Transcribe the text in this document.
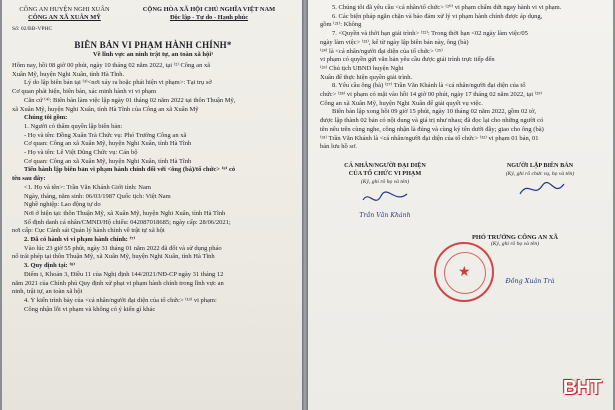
CÔNG AN HUYỆN NGHI XUÂN
CÔNG AN XÃ XUÂN MỸ
CỘNG HÒA XÃ HỘI CHỦ NGHĨA VIỆT NAM
Độc lập - Tự do - Hạnh phúc
Số: 02/BB-VPHC
BIÊN BẢN VI PHẠM HÀNH CHÍNH*
Về lĩnh vực an ninh trật tự, an toàn xã hội¹
Hôm nay, hồi 08 giờ 00 phút, ngày 10 tháng 02 năm 2022, tại ⁽²⁾ Công an xã
Xuân Mỹ, huyện Nghi Xuân, tỉnh Hà Tĩnh.
Lý do lập biên bản tại ⁽³⁾<nơi xảy ra hoặc phát hiện vi phạm>: Tại trụ sở
Cơ quan phát hiện, biên bản, xác minh hành vi vi phạm
Căn cứ ⁽⁴⁾: Biên bản làm việc lập ngày 01 tháng 02 năm 2022 tại thôn Thuận Mỹ,
xã Xuân Mỹ, huyện Nghi Xuân, tỉnh Hà Tĩnh của Công an xã Xuân Mỹ
Chúng tôi gồm:
1. Người có thẩm quyền lập biên bản:
- Họ và tên: Đồng Xuân Trà Chức vụ: Phó Trưởng Công an xã
Cơ quan: Công an xã Xuân Mỹ, huyện Nghi Xuân, tỉnh Hà Tĩnh
- Họ và tên: Lê Việt Dũng Chức vụ: Cán bộ
Cơ quan: Công an xã Xuân Mỹ, huyện Nghi Xuân, tỉnh Hà Tĩnh
Tiến hành lập biên bản vi phạm hành chính đối với <ông (bà)/tổ chức> ⁽⁶⁾ có
tên sau đây:
<1. Họ và tên>: Trần Văn Khánh Giới tính: Nam
Ngày, tháng, năm sinh: 06/03/1987 Quốc tịch: Việt Nam
Nghề nghiệp: Lao động tự do
Nơi ở hiện tại: thôn Thuận Mỹ, xã Xuân Mỹ, huyện Nghi Xuân, tỉnh Hà Tĩnh
Số định danh cá nhân/CMND/Hộ chiếu: 042087018685; ngày cấp: 28/06/2021;
nơi cấp: Cục Cảnh sát Quản lý hành chính về trật tự xã hội
2. Đã có hành vi vi phạm hành chính: ⁽⁷⁾
Vào lúc 23 giờ 55 phút, ngày 31 tháng 01 năm 2022 đã đốt và sử dụng pháo
nổ trái phép tại thôn Thuận Mỹ, xã Xuân Mỹ, huyện Nghi Xuân, tỉnh Hà Tĩnh
3. Quy định tại: ⁽⁸⁾
Điểm i, Khoản 3, Điều 11 của Nghị định 144/2021/NĐ-CP ngày 31 tháng 12
năm 2021 của Chính phủ Quy định xử phạt vi phạm hành chính trong lĩnh vực an
ninh, trật tự, an toàn xã hội
4. Ý kiến trình bày của <cá nhân/người đại diện của tổ chức> ⁽¹³⁾ vi phạm:
Công nhận lỗi vi phạm và không có ý kiến gì khác
5. Chúng tôi đã yêu cầu <cá nhân/tổ chức> ⁽²⁰⁾ vi phạm chấm dứt ngay hành vi vi phạm.
6. Các biện pháp ngăn chặn và bảo đảm xử lý vi phạm hành chính được áp dụng,
gồm ⁽²¹⁾: Không
7. <Quyền và thời hạn giải trình> ⁽²²⁾: Trong thời hạn <02 ngày làm việc/05
ngày làm việc> ⁽²³⁾, kể từ ngày lập biên bản này, ông (bà)
⁽²⁴⁾ là <cá nhân/người đại diện của tổ chức> ⁽²⁵⁾
vi phạm có quyền gửi văn bản yêu cầu được giải trình trực tiếp đến
⁽²⁶⁾ Chủ tịch UBND huyện Nghi
Xuân để thực hiện quyền giải trình.
8. Yêu cầu ông (bà) ⁽²⁷⁾ Trần Văn Khánh là <cá nhân/người đại diện của tổ
chức> ⁽²⁸⁾ vi phạm có mặt vào hồi 14 giờ 00 phút, ngày 17 tháng 02 năm 2022, tại ⁽²⁹⁾
Công an xã Xuân Mỹ, huyện Nghi Xuân để giải quyết vụ việc.
Biên bản lập xong hồi 09 giờ 15 phút, ngày 10 tháng 02 năm 2022, gồm 02 tờ,
được lập thành 02 bản có nội dung và giá trị như nhau; đã đọc lại cho những người có
tên nêu trên cùng nghe, công nhận là đúng và cùng ký tên dưới đây; giao cho ông (bà)
⁽³¹⁾ Trần Văn Khánh là <cá nhân/người đại diện của tổ chức> ⁽³²⁾ vi phạm 01 bản, 01
bản lưu hồ sơ.
CÁ NHÂN/NGƯỜI ĐẠI DIỆN
CỦA TỔ CHỨC VI PHẠM
(Ký, ghi rõ họ và tên)
Trần Văn Khánh
NGƯỜI LẬP BIÊN BẢN
(Ký, ghi rõ chức vụ, họ và tên)
PHÓ TRƯỞNG CÔNG AN XÃ
(Ký, ghi rõ họ và tên)
★
Đồng Xuân Trà
BHT
